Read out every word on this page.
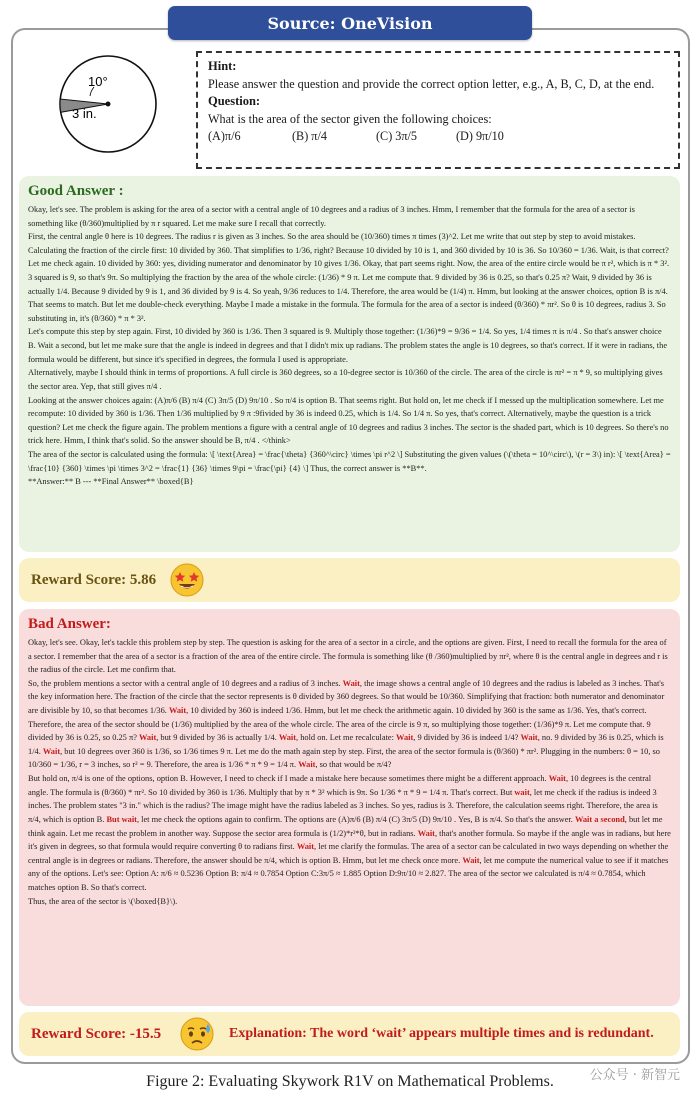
Source: OneVision
10°
3 in.
Hint:
Please answer the question and provide the correct option letter, e.g., A, B, C, D, at the end.
Question:
What is the area of the sector given the following choices:
(A)π/6	(B) π/4	(C) 3π/5	(D) 9π/10
Good Answer :

Okay, let's see. The problem is asking for the area of a sector with a central angle of 10 degrees and a radius of 3 inches. Hmm, I remember that the formula for the area of a sector is something like (θ/360)multiplied by π r squared. Let me make sure I recall that correctly.

First, the central angle θ here is 10 degrees. The radius r is given as 3 inches. So the area should be (10/360) times π times (3)^2. Let me write that out step by step to avoid mistakes. Calculating the fraction of the circle first: 10 divided by 360. That simplifies to 1/36, right? Because 10 divided by 10 is 1, and 360 divided by 10 is 36. So 10/360 = 1/36. Wait, is that correct? Let me check again. 10 divided by 360: yes, dividing numerator and denominator by 10 gives 1/36. Okay, that part seems right. Now, the area of the entire circle would be π r², which is π * 3². 3 squared is 9, so that's 9π. So multiplying the fraction by the area of the whole circle: (1/36) * 9 π. Let me compute that. 9 divided by 36 is 0.25, so that's 0.25 π? Wait, 9 divided by 36 is actually 1/4. Because 9 divided by 9 is 1, and 36 divided by 9 is 4. So yeah, 9/36 reduces to 1/4. Therefore, the area would be (1/4) π. Hmm, but looking at the answer choices, option B is π/4. That seems to match. But let me double-check everything. Maybe I made a mistake in the formula. The formula for the area of a sector is indeed (θ/360) * πr². So θ is 10 degrees, radius 3. So substituting in, it's (θ/360) * π * 3².

Let's compute this step by step again. First, 10 divided by 360 is 1/36. Then 3 squared is 9. Multiply those together: (1/36)*9 = 9/36 = 1/4. So yes, 1/4 times π is π/4 . So that's answer choice B. Wait a second, but let me make sure that the angle is indeed in degrees and that I didn't mix up radians. The problem states the angle is 10 degrees, so that's correct. If it were in radians, the formula would be different, but since it's specified in degrees, the formula I used is appropriate.

Alternatively, maybe I should think in terms of proportions. A full circle is 360 degrees, so a 10-degree sector is 10/360 of the circle. The area of the circle is πr² = π * 9, so multiplying gives the sector area. Yep, that still gives π/4 .

Looking at the answer choices again: (A)π/6 (B) π/4 (C) 3π/5 (D) 9π/10 . So π/4 is option B. That seems right. But hold on, let me check if I messed up the multiplication somewhere. Let me recompute: 10 divided by 360 is 1/36. Then 1/36 multiplied by 9 π :9fivided by 36 is indeed 0.25, which is 1/4. So 1/4 π. So yes, that's correct. Alternatively, maybe the question is a trick question? Let me check the figure again. The problem mentions a figure with a central angle of 10 degrees and radius 3 inches. The sector is the shaded part, which is 10 degrees. So there's no trick here. Hmm, I think that's solid. So the answer should be B, π/4 . </think>

The area of the sector is calculated using the formula: \[ \text{Area} = \frac{\theta} {360^\circ} \times \pi r^2 \] Substituting the given values (\(\theta = 10^\circ\), \(r = 3\) in): \[ \text{Area} = \frac{10} {360} \times \pi \times 3^2 = \frac{1} {36} \times 9\pi = \frac{\pi} {4} \] Thus, the correct answer is **B**.

**Answer:** B --- **Final Answer** \boxed{B}

Reward Score: 5.86
Bad Answer:

Okay, let's see. Okay, let's tackle this problem step by step. The question is asking for the area of a sector in a circle, and the options are given. First, I need to recall the formula for the area of a sector. I remember that the area of a sector is a fraction of the area of the entire circle. The formula is something like (θ /360)multiplied by πr², where θ is the central angle in degrees and r is the radius of the circle. Let me confirm that.

So, the problem mentions a sector with a central angle of 10 degrees and a radius of 3 inches. Wait, the image shows a central angle of 10 degrees and the radius is labeled as 3 inches. That's the key information here. The fraction of the circle that the sector represents is θ divided by 360 degrees. So that would be 10/360. Simplifying that fraction: both numerator and denominator are divisible by 10, so that becomes 1/36. Wait, 10 divided by 360 is indeed 1/36. Hmm, but let me check the arithmetic again. 10 divided by 360 is the same as 1/36. Yes, that's correct.

Therefore, the area of the sector should be (1/36) multiplied by the area of the whole circle. The area of the circle is 9 π, so multiplying those together: (1/36)*9 π. Let me compute that. 9 divided by 36 is 0.25, so 0.25 π? Wait, but 9 divided by 36 is actually 1/4. Wait, hold on. Let me recalculate: Wait, 9 divided by 36 is indeed 1/4? Wait, no. 9 divided by 36 is 0.25, which is 1/4. Wait, but 10 degrees over 360 is 1/36, so 1/36 times 9 π. Let me do the math again step by step. First, the area of the sector formula is (θ/360) * πr². Plugging in the numbers: θ = 10, so 10/360 = 1/36, r = 3 inches, so r² = 9. Therefore, the area is 1/36 * π * 9 = 1/4 π. Wait, so that would be π/4?

But hold on, π/4 is one of the options, option B. However, I need to check if I made a mistake here because sometimes there might be a different approach. Wait, 10 degrees is the central angle. The formula is (θ/360) * πr². So 10 divided by 360 is 1/36. Multiply that by π * 3² which is 9π. So 1/36 * π * 9 = 1/4 π. That's correct. But wait, let me check if the radius is indeed 3 inches. The problem states "3 in." which is the radius? The image might have the radius labeled as 3 inches. So yes, radius is 3. Therefore, the calculation seems right. Therefore, the area is π/4, which is option B. But wait, let me check the options again to confirm. The options are (A)π/6 (B) π/4 (C) 3π/5 (D) 9π/10 . Yes, B is π/4. So that's the answer. Wait a second, but let me think again. Let me recast the problem in another way. Suppose the sector area formula is (1/2)*r²*θ, but in radians. Wait, that's another formula. So maybe if the angle was in radians, but here it's given in degrees, so that formula would require converting θ to radians first. Wait, let me clarify the formulas. The area of a sector can be calculated in two ways depending on whether the central angle is in degrees or radians. Therefore, the answer should be π/4, which is option B. Hmm, but let me check once more. Wait, let me compute the numerical value to see if it matches any of the options. Let's see: Option A: π/6 ≈ 0.5236 Option B: π/4 ≈ 0.7854 Option C:3π/5 ≈ 1.885 Option D:9π/10 ≈ 2.827. The area of the sector we calculated is π/4 ≈ 0.7854, which matches option B. So that's correct.

Thus, the area of the sector is \(\boxed{B}\).

Reward Score: -15.5	Explanation: The word ‘wait’ appears multiple times and is redundant.
Figure 2: Evaluating Skywork R1V on Mathematical Problems.	公众号 · 新智元
